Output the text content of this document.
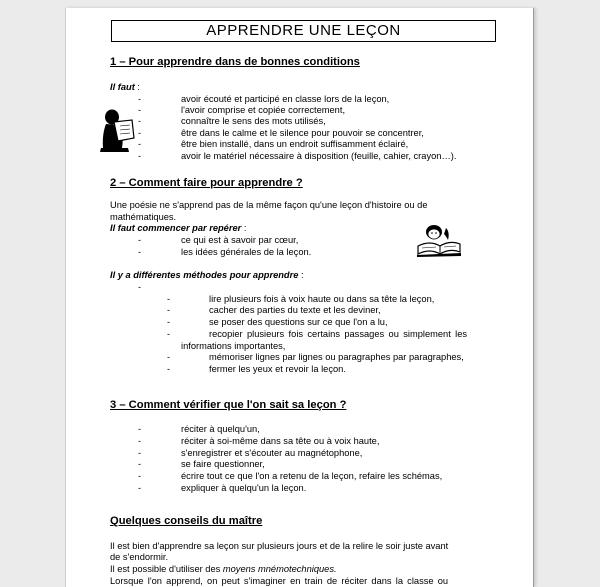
APPRENDRE UNE LEÇON
1 – Pour apprendre dans de bonnes conditions
Il faut :
-	avoir écouté et participé en classe lors de la leçon,
-	l'avoir comprise et copiée correctement,
-	connaître le sens des mots utilisés,
-	être dans le calme et le silence pour pouvoir se concentrer,
-	être bien installé, dans un endroit suffisamment éclairé,
-	avoir le matériel nécessaire à disposition (feuille, cahier, crayon…).
2 – Comment faire pour apprendre ?
Une poésie ne s'apprend pas de la même façon qu'une leçon d'histoire ou de
mathématiques.
Il faut commencer par repérer :
-	ce qui est à savoir par cœur,
-	les idées générales de la leçon.
Il y a différentes méthodes pour apprendre :
-
-	lire plusieurs fois à voix haute ou dans sa tête la leçon,
-	cacher des parties du texte et les deviner,
-	se poser des questions sur ce que l'on a lu,
-	recopier plusieurs fois certains passages ou simplement les
informations importantes,
-	mémoriser lignes par lignes ou paragraphes par paragraphes,
-	fermer les yeux et revoir la leçon.
3 – Comment vérifier que l'on sait sa leçon ?
-	réciter à quelqu'un,
-	réciter à soi-même dans sa tête ou à voix haute,
-	s'enregistrer et s'écouter au magnétophone,
-	se faire questionner,
-	écrire tout ce que l'on a retenu de la leçon, refaire les schémas,
-	expliquer à quelqu'un la leçon.
Quelques conseils du maître
Il est bien d'apprendre sa leçon sur plusieurs jours et de la relire le soir juste avant
de s'endormir.
Il est possible d'utiliser des moyens mnémotechniques.
Lorsque l'on apprend, on peut s'imaginer en train de réciter dans la classe ou
